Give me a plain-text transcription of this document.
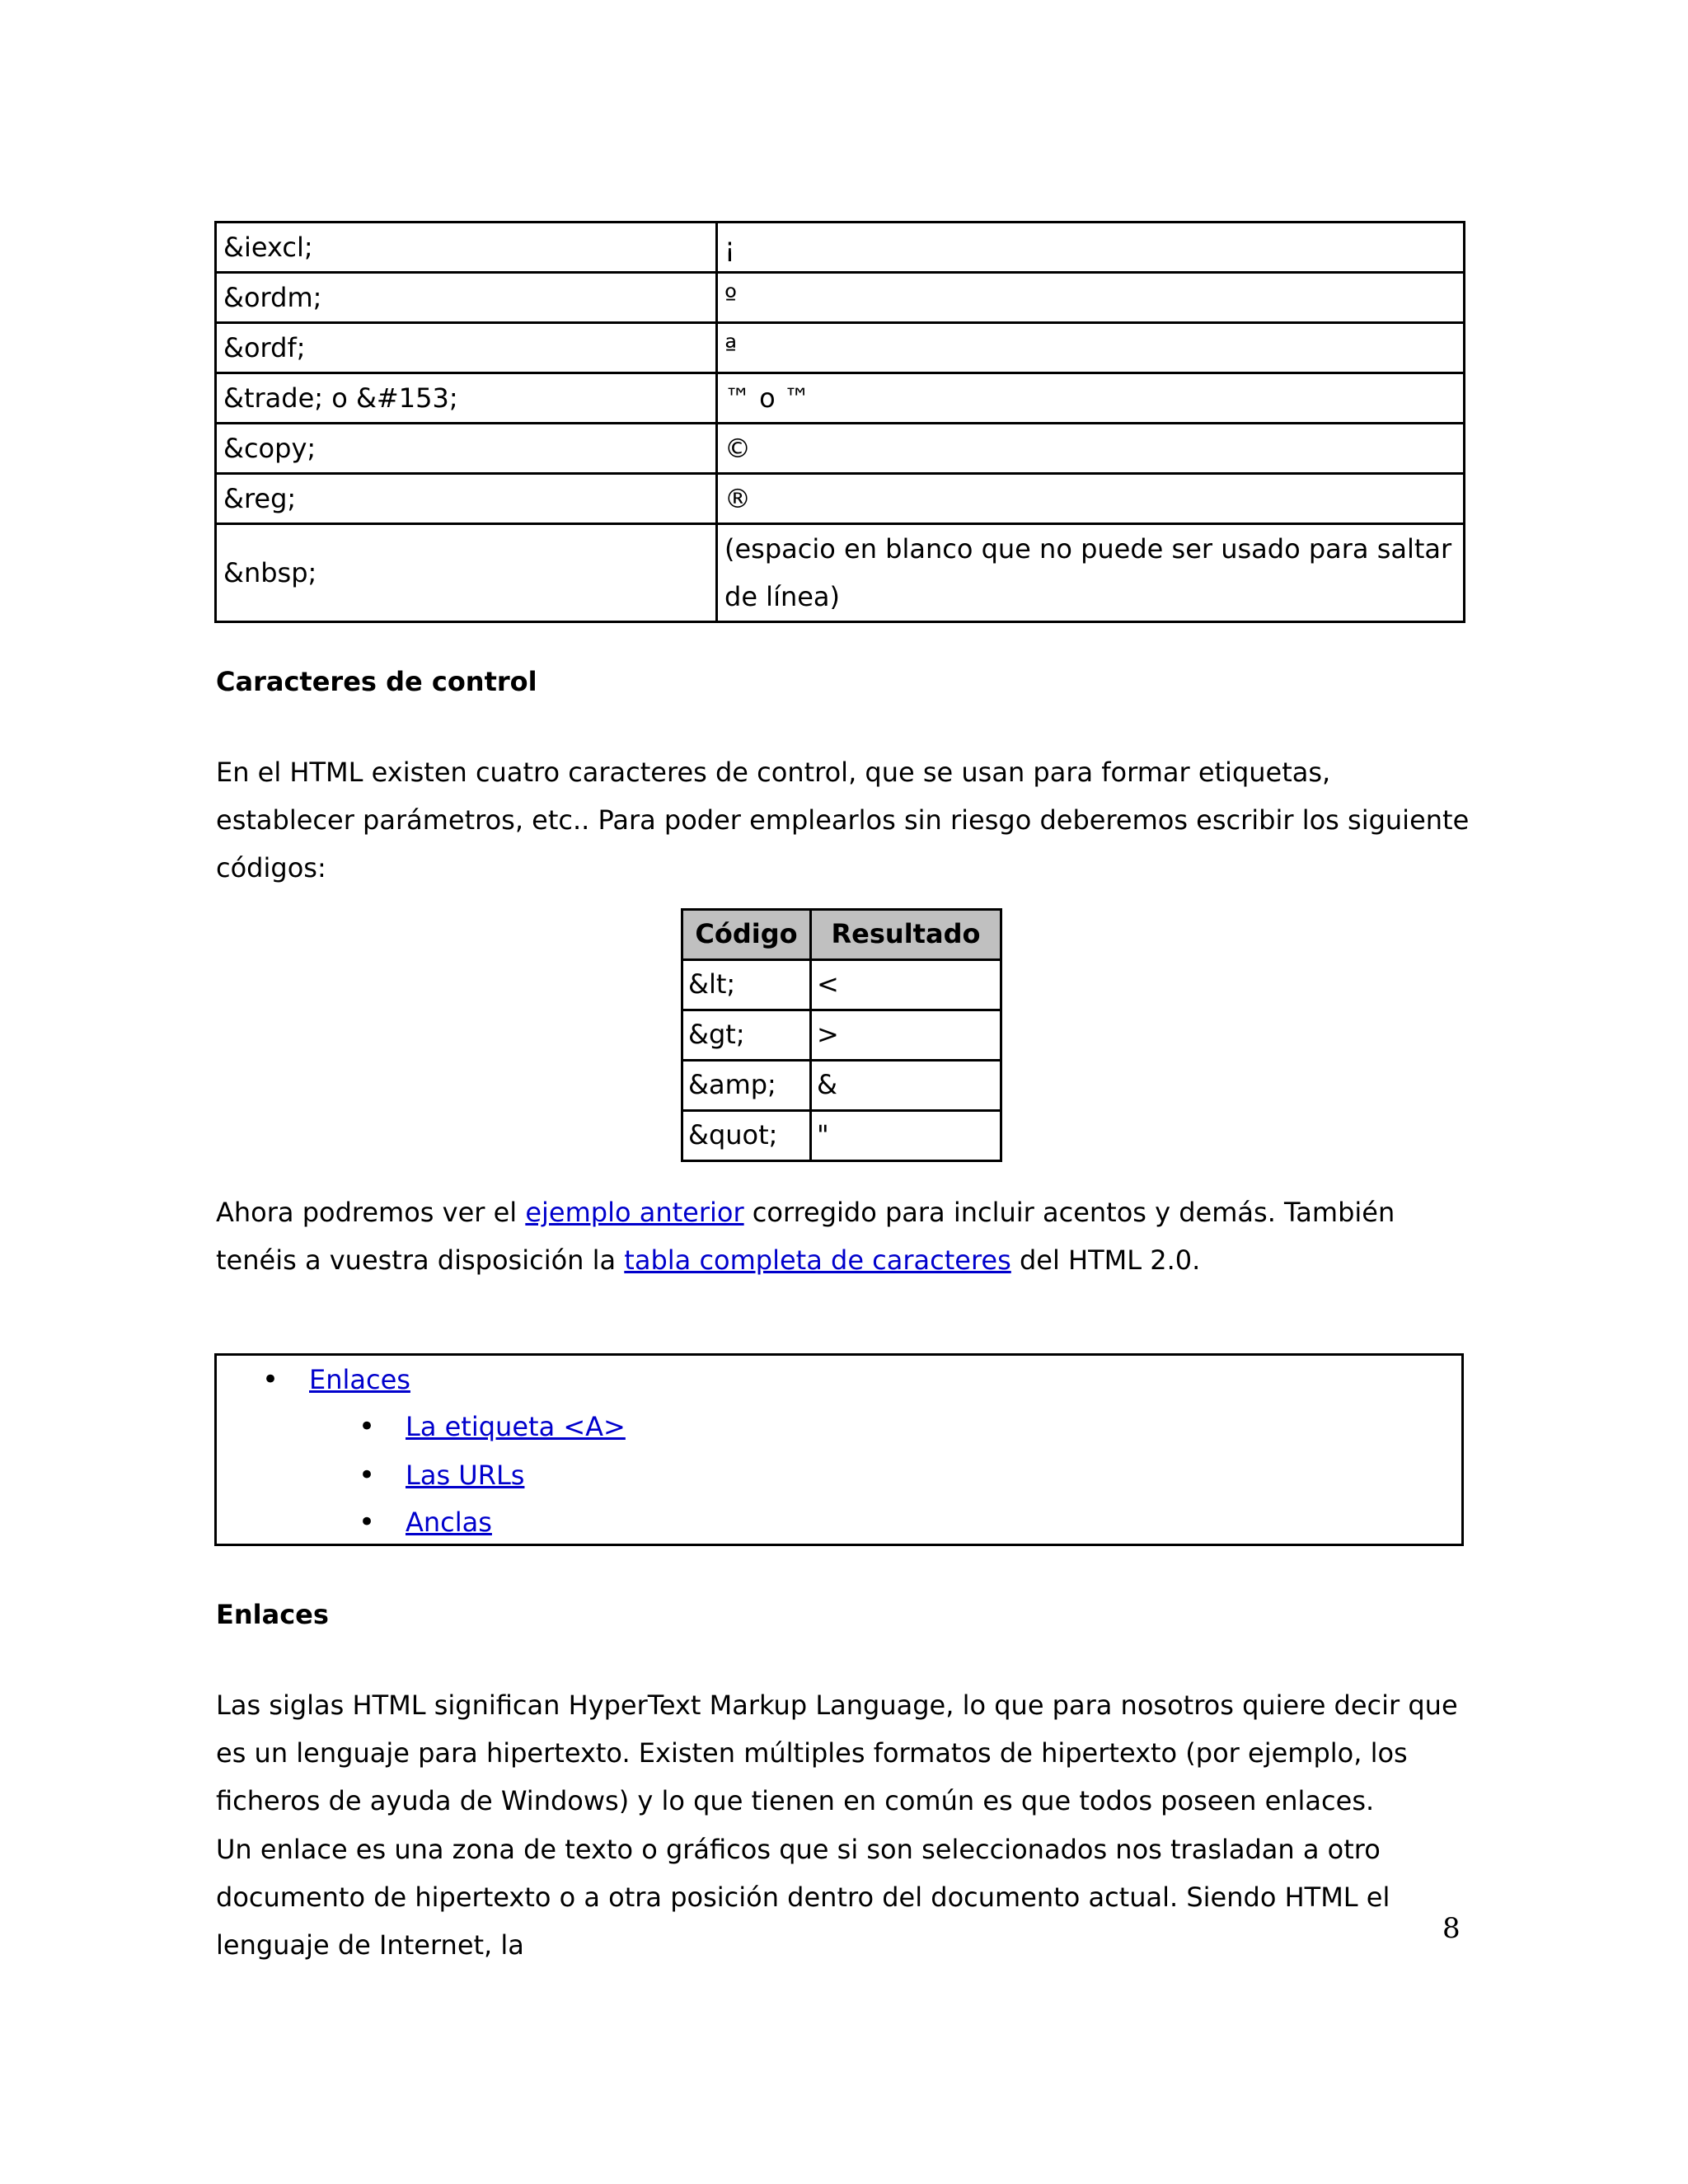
&iexcl;	¡
&ordm;	º
&ordf;	ª
&trade; o &#153;	™ o ™
&copy;	©
&reg;	®
&nbsp;	(espacio en blanco que no puede ser usado para saltar de línea)
Caracteres de control

En el HTML existen cuatro caracteres de control, que se usan para formar etiquetas, establecer parámetros, etc.. Para poder emplearlos sin riesgo deberemos escribir los siguiente códigos:

Código	Resultado
&lt;	<
&gt;	>
&amp;	&
&quot;	"

Ahora podremos ver el ejemplo anterior corregido para incluir acentos y demás. También tenéis a vuestra disposición la tabla completa de caracteres del HTML 2.0.

• Enlaces
• La etiqueta <A>
• Las URLs
• Anclas
Enlaces

Las siglas HTML significan HyperText Markup Language, lo que para nosotros quiere decir que es un lenguaje para hipertexto. Existen múltiples formatos de hipertexto (por ejemplo, los ficheros de ayuda de Windows) y lo que tienen en común es que todos poseen enlaces.

Un enlace es una zona de texto o gráficos que si son seleccionados nos trasladan a otro documento de hipertexto o a otra posición dentro del documento actual. Siendo HTML el lenguaje de Internet, la	8
